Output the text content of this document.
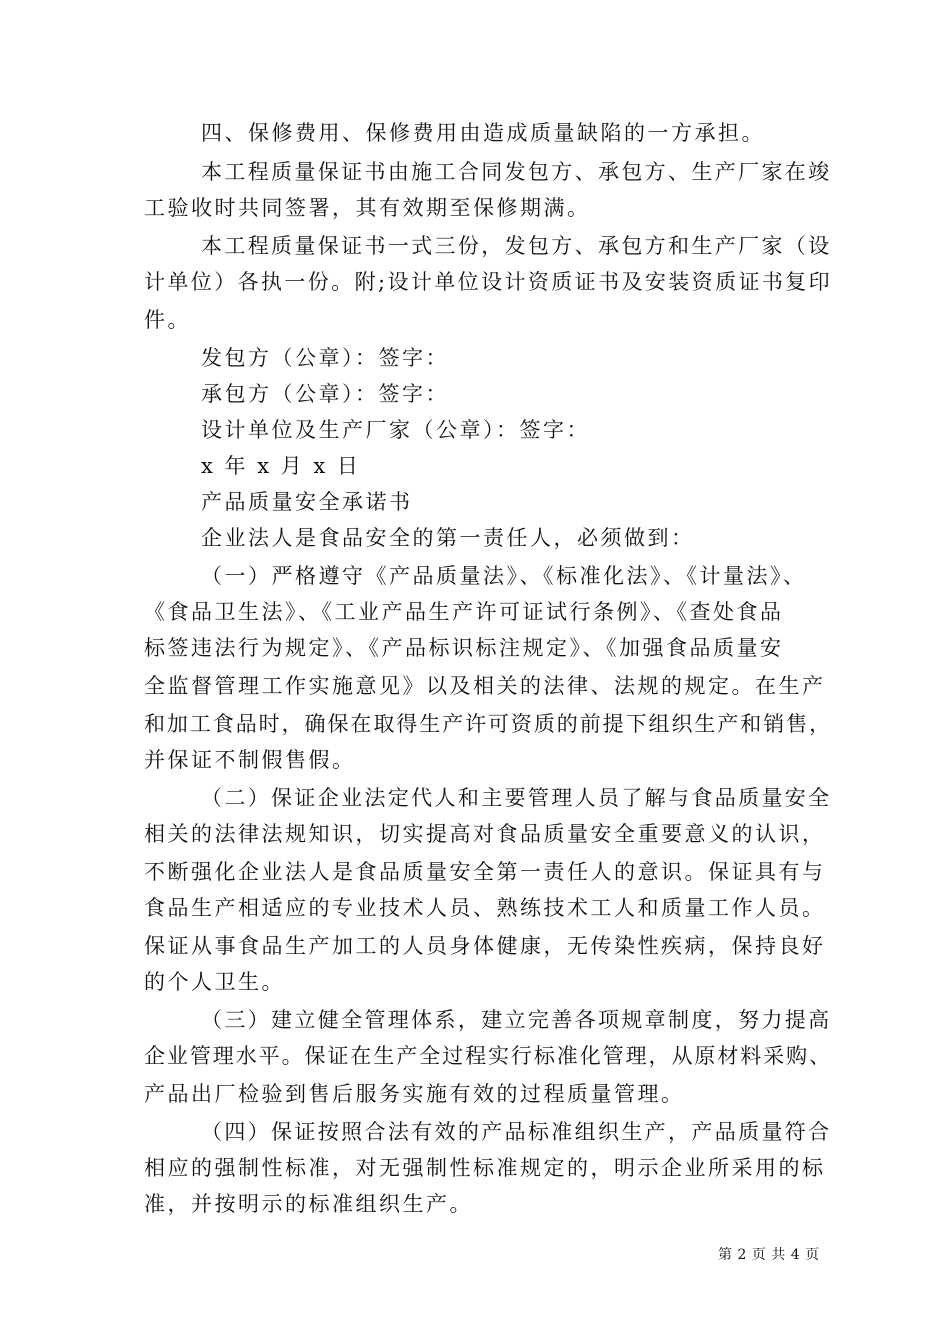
四、保修费用、保修费用由造成质量缺陷的一方承担。
本工程质量保证书由施工合同发包方、承包方、生产厂家在竣
工验收时共同签署，其有效期至保修期满。
本工程质量保证书一式三份，发包方、承包方和生产厂家（设
计单位）各执一份。附;设计单位设计资质证书及安装资质证书复印
件。
发包方（公章）：签字：
承包方（公章）：签字：
设计单位及生产厂家（公章）：签字：
x 年 x 月 x 日
产品质量安全承诺书
企业法人是食品安全的第一责任人，必须做到：
（一）严格遵守《产品质量法》、《标准化法》、《计量法》、
《食品卫生法》、《工业产品生产许可证试行条例》、《查处食品
标签违法行为规定》、《产品标识标注规定》、《加强食品质量安
全监督管理工作实施意见》以及相关的法律、法规的规定。在生产
和加工食品时，确保在取得生产许可资质的前提下组织生产和销售，
并保证不制假售假。
（二）保证企业法定代人和主要管理人员了解与食品质量安全
相关的法律法规知识，切实提高对食品质量安全重要意义的认识，
不断强化企业法人是食品质量安全第一责任人的意识。保证具有与
食品生产相适应的专业技术人员、熟练技术工人和质量工作人员。
保证从事食品生产加工的人员身体健康，无传染性疾病，保持良好
的个人卫生。
（三）建立健全管理体系，建立完善各项规章制度，努力提高
企业管理水平。保证在生产全过程实行标准化管理，从原材料采购、
产品出厂检验到售后服务实施有效的过程质量管理。
（四）保证按照合法有效的产品标准组织生产，产品质量符合
相应的强制性标准，对无强制性标准规定的，明示企业所采用的标
准，并按明示的标准组织生产。
第 2 页 共 4 页
